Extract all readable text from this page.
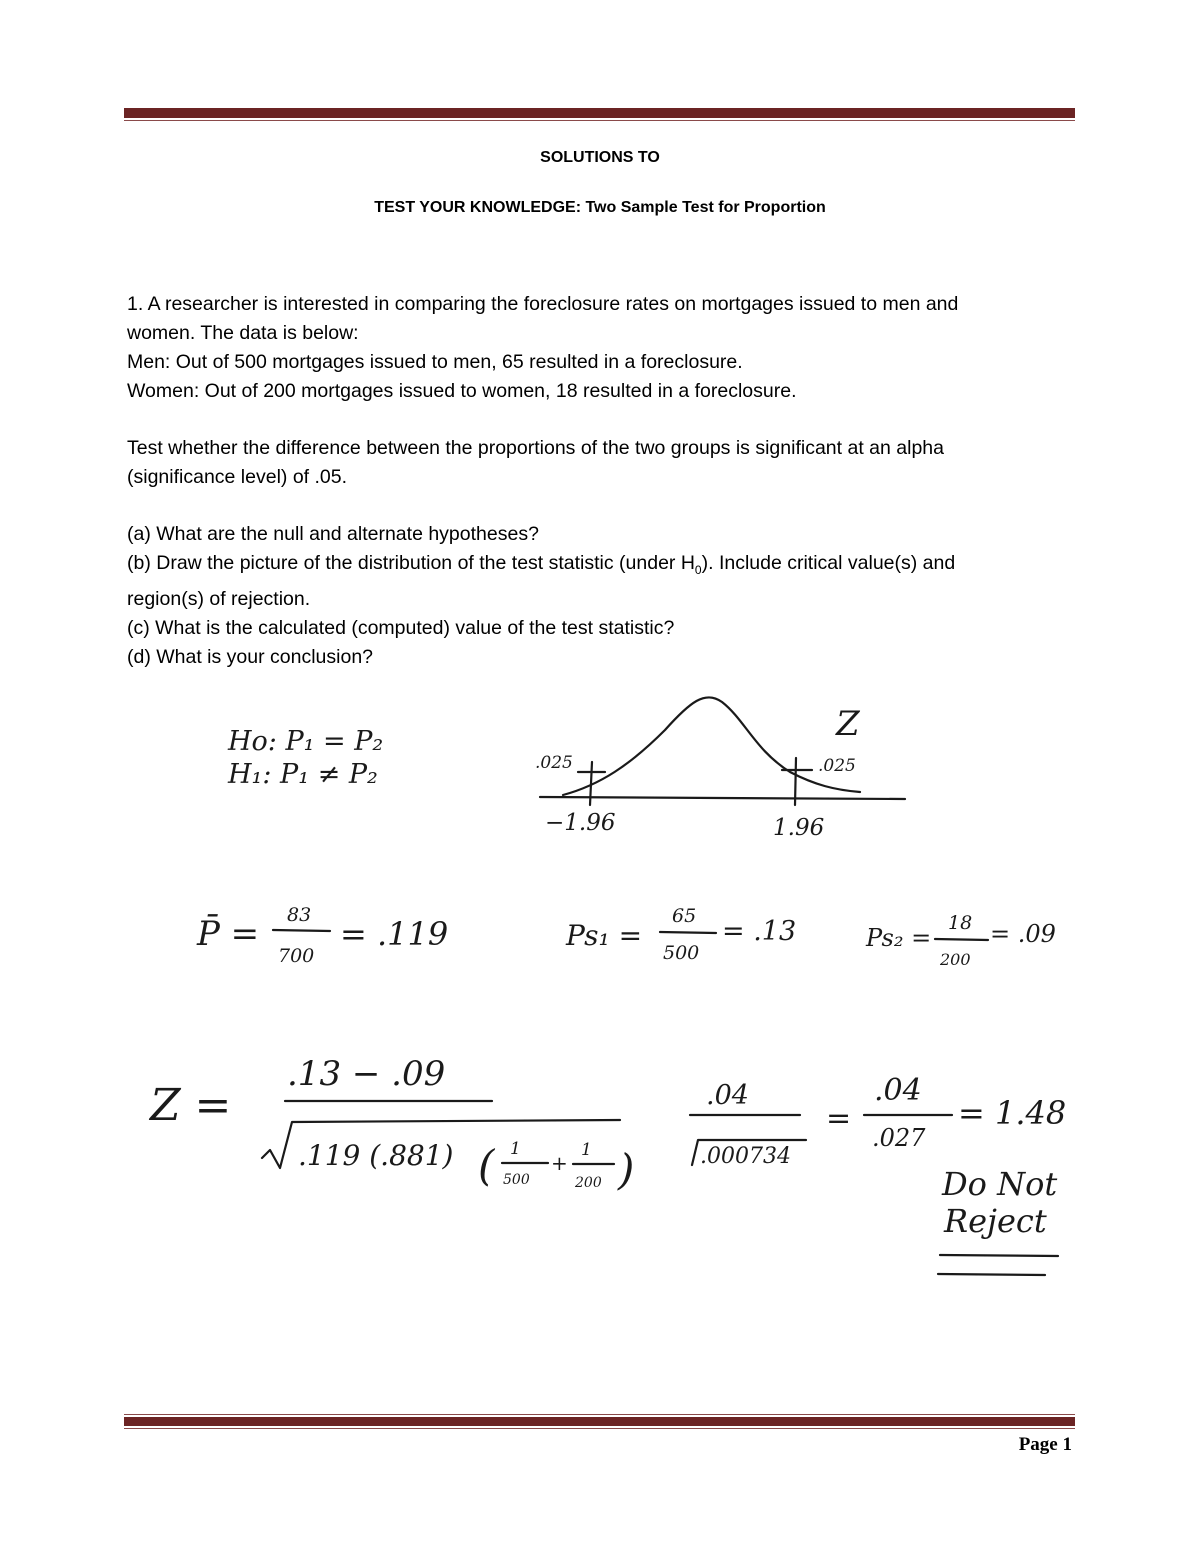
SOLUTIONS TO
TEST YOUR KNOWLEDGE: Two Sample Test for Proportion
1. A researcher is interested in comparing the foreclosure rates on mortgages issued to men and
women. The data is below:
Men: Out of 500 mortgages issued to men, 65 resulted in a foreclosure.
Women: Out of 200 mortgages issued to women, 18 resulted in a foreclosure.
Test whether the difference between the proportions of the two groups is significant at an alpha
(significance level) of .05.
(a) What are the null and alternate hypotheses?
(b) Draw the picture of the distribution of the test statistic (under $H_0$). Include critical value(s) and
region(s) of rejection.
(c) What is the calculated (computed) value of the test statistic?
(d) What is your conclusion?
Ho: P₁ = P₂
H₁: P₁ ≠ P₂
Z
.025	.025
−1.96	1.96
P̄ = 83
700
= .119	Ps₁ =
65
500
= .13	Ps₂ =
18
200
= .09
Z =
.13 − .09
.119 (.881) ( 1
500
+
1
200 )
.04
.000734
=
.04
.027
= 1.48
Do Not
Reject
Page 1
